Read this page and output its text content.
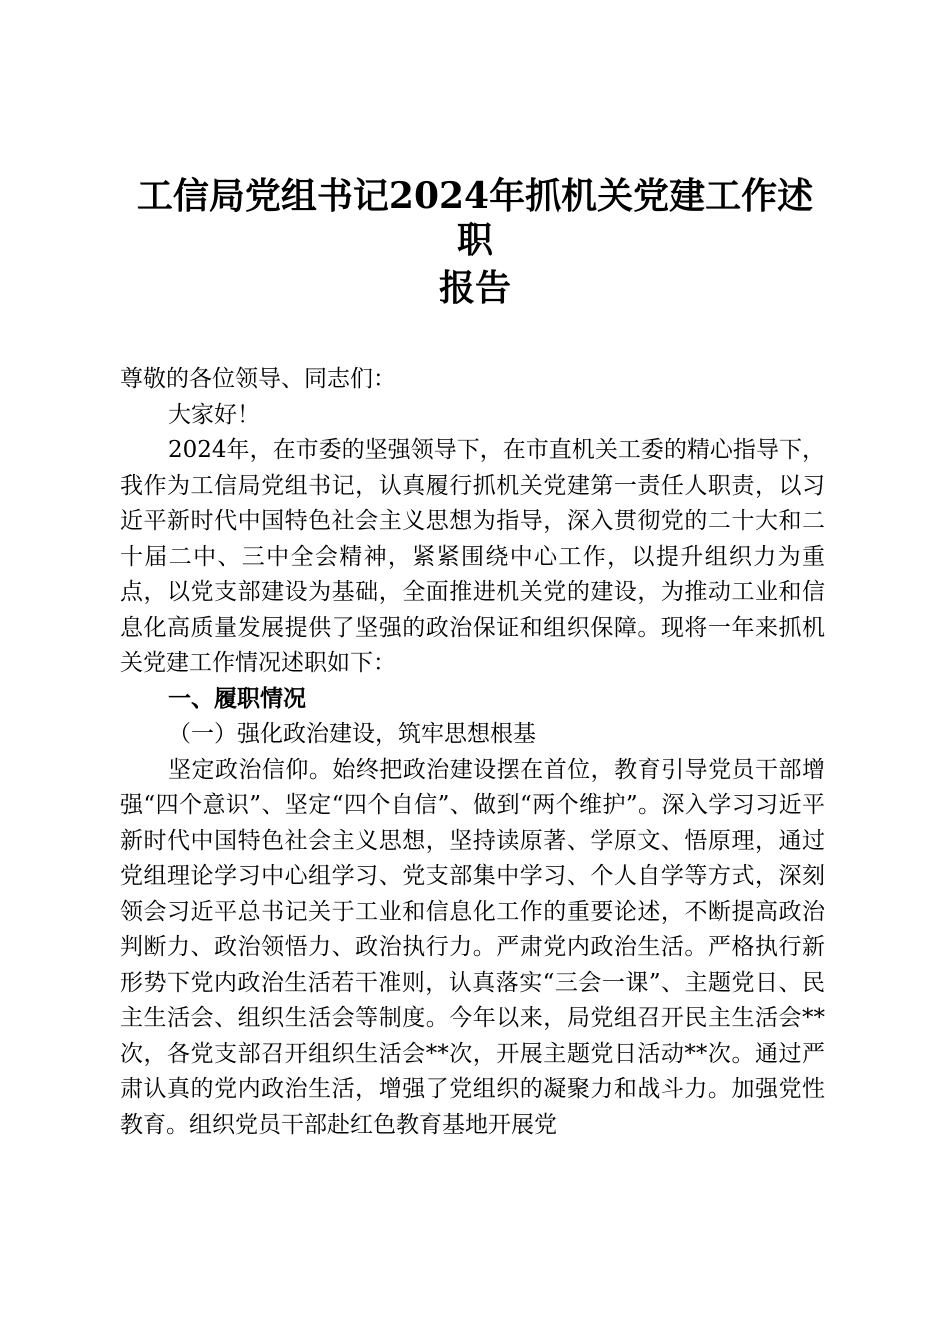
工信局党组书记2024年抓机关党建工作述职
报告

尊敬的各位领导、同志们：

大家好！

2024年，在市委的坚强领导下，在市直机关工委的精心指导下，我作为工信局党组书记，认真履行抓机关党建第一责任人职责，以习近平新时代中国特色社会主义思想为指导，深入贯彻党的二十大和二十届二中、三中全会精神，紧紧围绕中心工作，以提升组织力为重点，以党支部建设为基础，全面推进机关党的建设，为推动工业和信息化高质量发展提供了坚强的政治保证和组织保障。现将一年来抓机关党建工作情况述职如下：

一、履职情况

（一）强化政治建设，筑牢思想根基

坚定政治信仰。始终把政治建设摆在首位，教育引导党员干部增强“四个意识”、坚定“四个自信”、做到“两个维护”。深入学习习近平新时代中国特色社会主义思想，坚持读原著、学原文、悟原理，通过党组理论学习中心组学习、党支部集中学习、个人自学等方式，深刻领会习近平总书记关于工业和信息化工作的重要论述，不断提高政治判断力、政治领悟力、政治执行力。严肃党内政治生活。严格执行新形势下党内政治生活若干准则，认真落实“三会一课”、主题党日、民主生活会、组织生活会等制度。今年以来，局党组召开民主生活会**次，各党支部召开组织生活会**次，开展主题党日活动**次。通过严肃认真的党内政治生活，增强了党组织的凝聚力和战斗力。加强党性教育。组织党员干部赴红色教育基地开展党
